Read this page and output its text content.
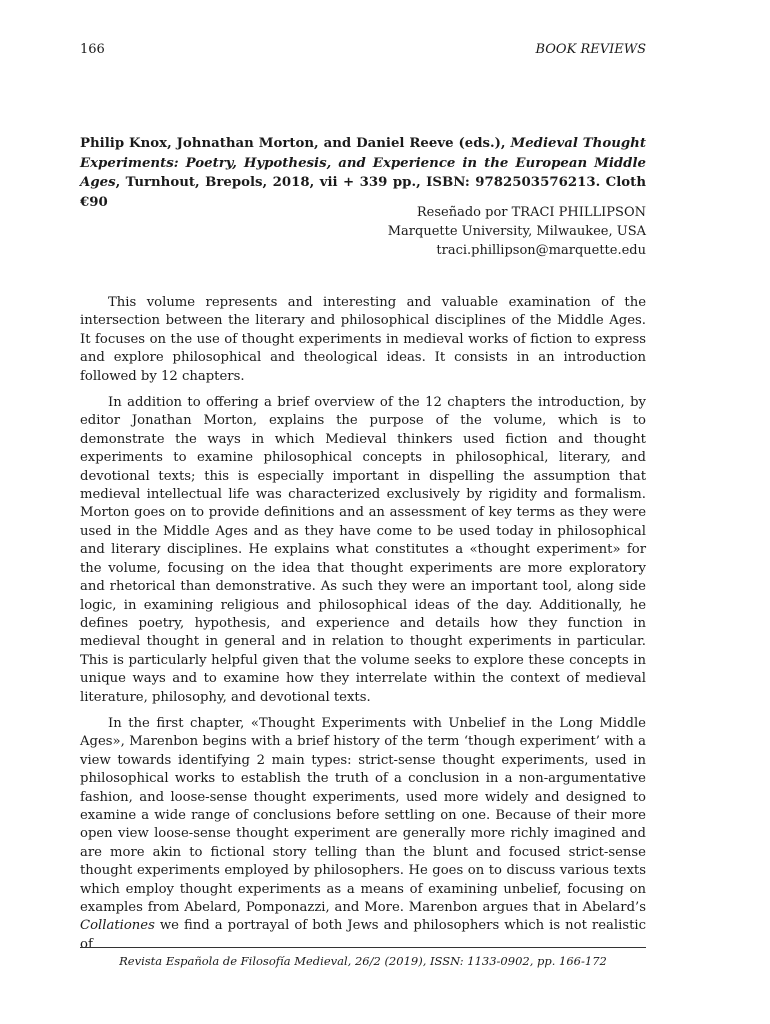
166	BOOK REVIEWS
Philip Knox, Johnathan Morton, and Daniel Reeve (eds.), Medieval Thought Experiments: Poetry, Hypothesis, and Experience in the European Middle Ages, Turnhout, Brepols, 2018, vii + 339 pp., ISBN: 9782503576213. Cloth €90
Reseñado por TRACI PHILLIPSON
Marquette University, Milwaukee, USA
traci.phillipson@marquette.edu

This volume represents and interesting and valuable examination of the intersection between the literary and philosophical disciplines of the Middle Ages. It focuses on the use of thought experiments in medieval works of fiction to express and explore philosophical and theological ideas. It consists in an introduction followed by 12 chapters.

In addition to offering a brief overview of the 12 chapters the introduction, by editor Jonathan Morton, explains the purpose of the volume, which is to demonstrate the ways in which Medieval thinkers used fiction and thought experiments to examine philosophical concepts in philosophical, literary, and devotional texts; this is especially important in dispelling the assumption that medieval intellectual life was characterized exclusively by rigidity and formalism. Morton goes on to provide definitions and an assessment of key terms as they were used in the Middle Ages and as they have come to be used today in philosophical and literary disciplines. He explains what constitutes a «thought experiment» for the volume, focusing on the idea that thought experiments are more exploratory and rhetorical than demonstrative. As such they were an important tool, along side logic, in examining religious and philosophical ideas of the day. Additionally, he defines poetry, hypothesis, and experience and details how they function in medieval thought in general and in relation to thought experiments in particular. This is particularly helpful given that the volume seeks to explore these concepts in unique ways and to examine how they interrelate within the context of medieval literature, philosophy, and devotional texts.

In the first chapter, «Thought Experiments with Unbelief in the Long Middle Ages», Marenbon begins with a brief history of the term ‘though experiment’ with a view towards identifying 2 main types: strict-sense thought experiments, used in philosophical works to establish the truth of a conclusion in a non-argumentative fashion, and loose-sense thought experiments, used more widely and designed to examine a wide range of conclusions before settling on one. Because of their more open view loose-sense thought experiment are generally more richly imagined and are more akin to fictional story telling than the blunt and focused strict-sense thought experiments employed by philosophers. He goes on to discuss various texts which employ thought experiments as a means of examining unbelief, focusing on examples from Abelard, Pomponazzi, and More. Marenbon argues that in Abelard’s Collationes we find a portrayal of both Jews and philosophers which is not realistic of

Revista Española de Filosofía Medieval, 26/2 (2019), ISSN: 1133-0902, pp. 166-172
